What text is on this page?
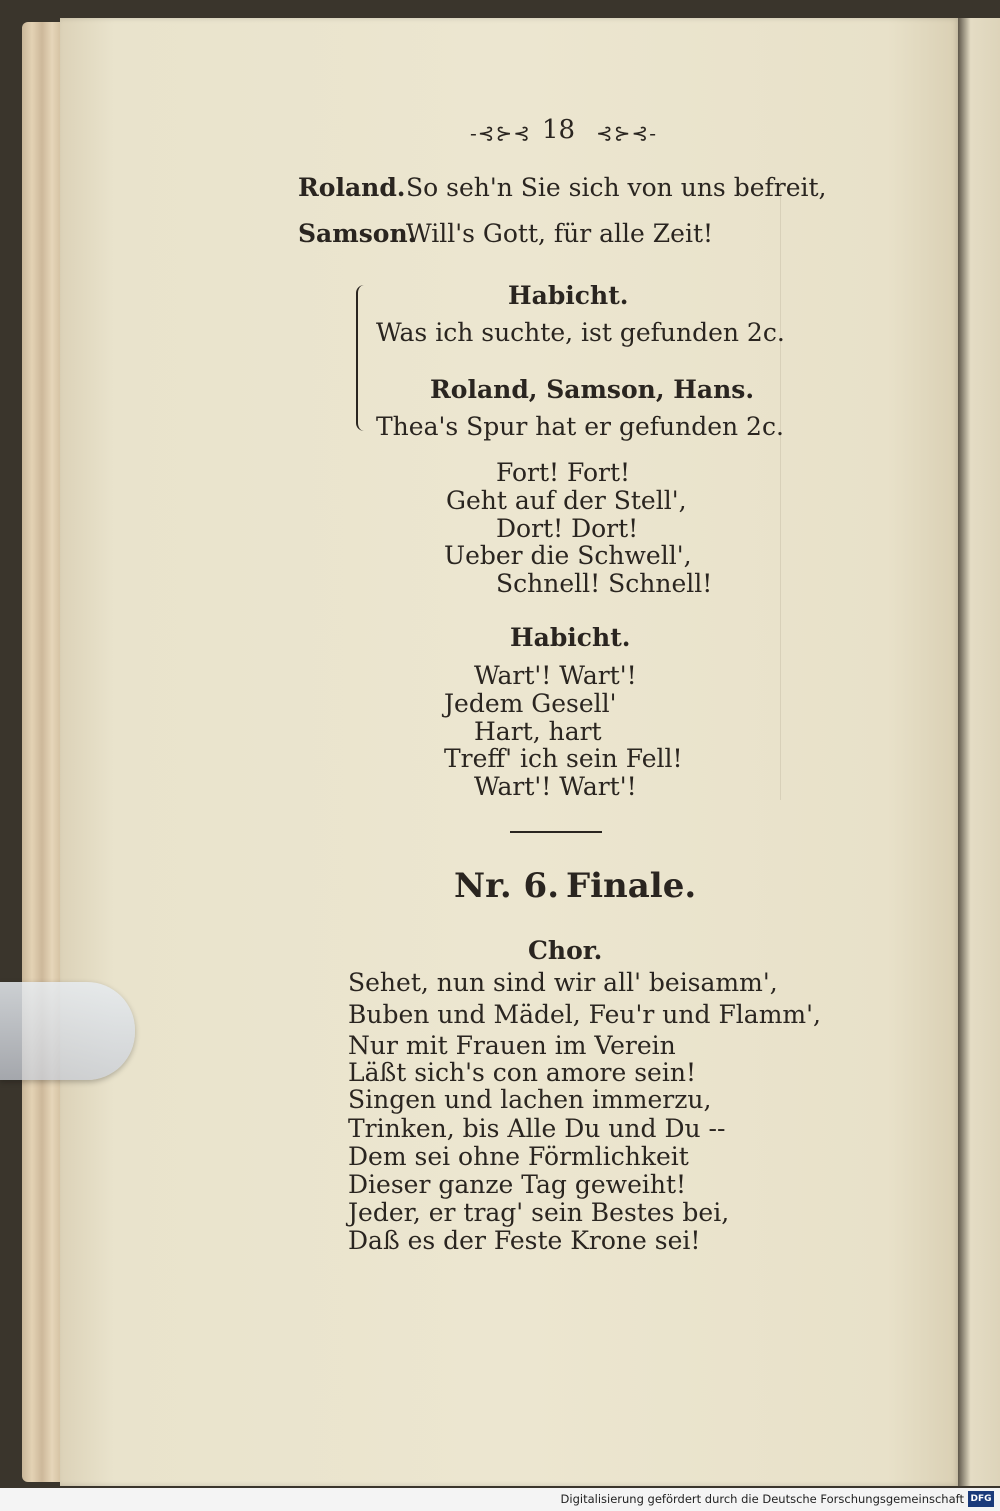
-⊰⊱⊰ 18 ⊰⊱⊰-
Roland. So seh'n Sie sich von uns befreit,
Samson.
Will's Gott, für alle Zeit!
Habicht.
Was ich suchte, ist gefunden 2c.
Roland, Samson, Hans.
Thea's Spur hat er gefunden 2c.
Fort! Fort!
Geht auf der Stell',
Dort! Dort!
Ueber die Schwell',
Schnell! Schnell!
Habicht.
Wart'! Wart'!
Jedem Gesell'
Hart, hart
Treff' ich sein Fell!
Wart'! Wart'!
Nr. 6. Finale.
Chor.
Sehet, nun sind wir all' beisamm',
Buben und Mädel, Feu'r und Flamm',
Nur mit Frauen im Verein
Läßt sich's con amore sein!
Singen und lachen immerzu,
Trinken, bis Alle Du und Du --
Dem sei ohne Förmlichkeit
Dieser ganze Tag geweiht!
Jeder, er trag' sein Bestes bei,
Daß es der Feste Krone sei!
Digitalisierung gefördert durch die Deutsche Forschungsgemeinschaft DFG
